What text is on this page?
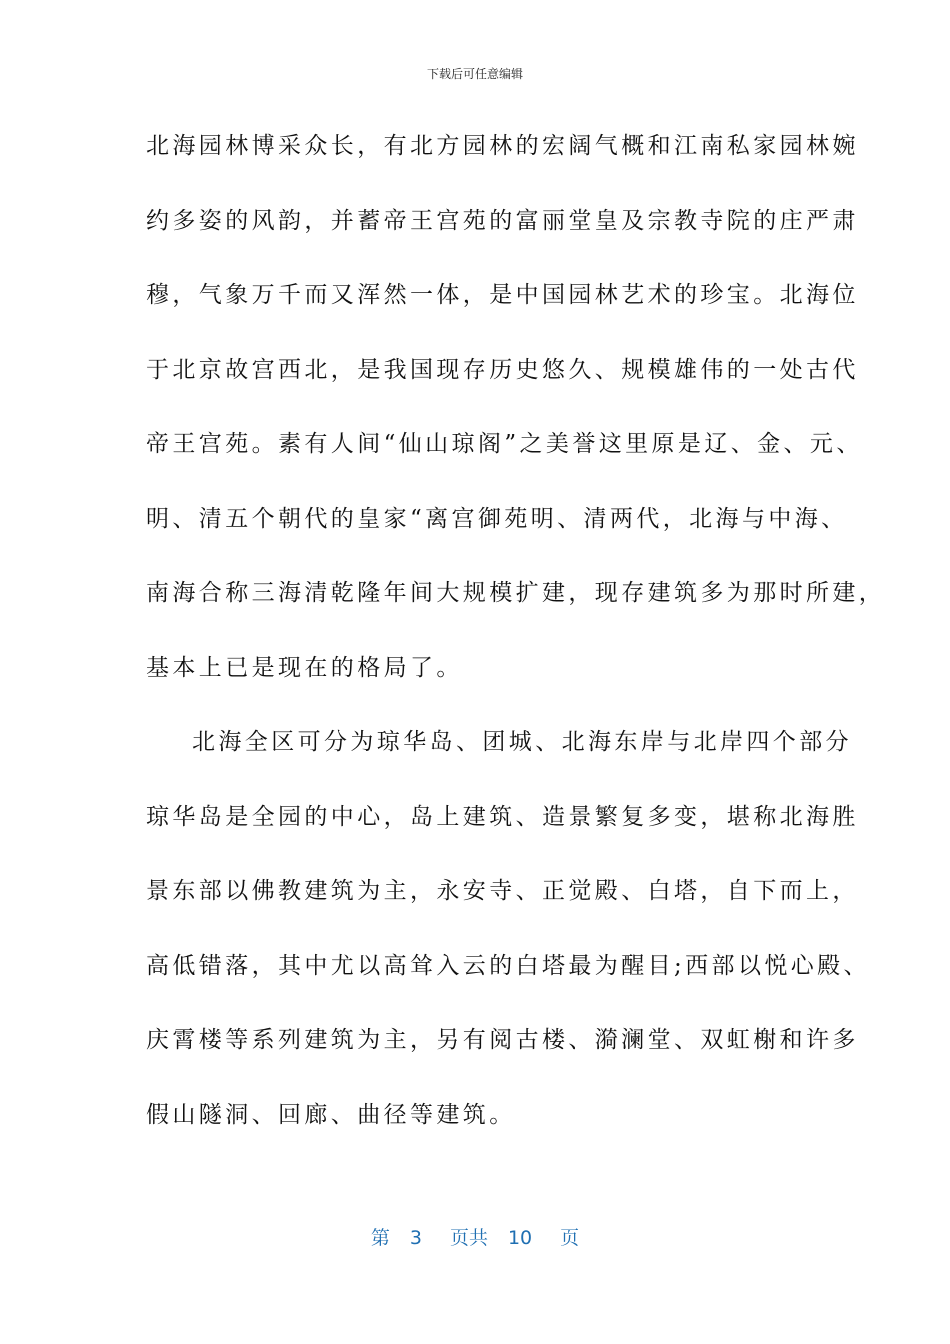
下载后可任意编辑
北海园林博采众长，有北方园林的宏阔气概和江南私家园林婉
约多姿的风韵，并蓄帝王宫苑的富丽堂皇及宗教寺院的庄严肃
穆，气象万千而又浑然一体，是中国园林艺术的珍宝。北海位
于北京故宫西北，是我国现存历史悠久、规模雄伟的一处古代
帝王宫苑。素有人间“仙山琼阁”之美誉这里原是辽、金、元、
明、清五个朝代的皇家“离宫御苑明、清两代，北海与中海、
南海合称三海清乾隆年间大规模扩建，现存建筑多为那时所建，
基本上已是现在的格局了。
北海全区可分为琼华岛、团城、北海东岸与北岸四个部分
琼华岛是全园的中心，岛上建筑、造景繁复多变，堪称北海胜
景东部以佛教建筑为主，永安寺、正觉殿、白塔，自下而上，
高低错落，其中尤以高耸入云的白塔最为醒目;西部以悦心殿、
庆霄楼等系列建筑为主，另有阅古楼、漪澜堂、双虹榭和许多
假山隧洞、回廊、曲径等建筑。
第 3 页共 10 页
